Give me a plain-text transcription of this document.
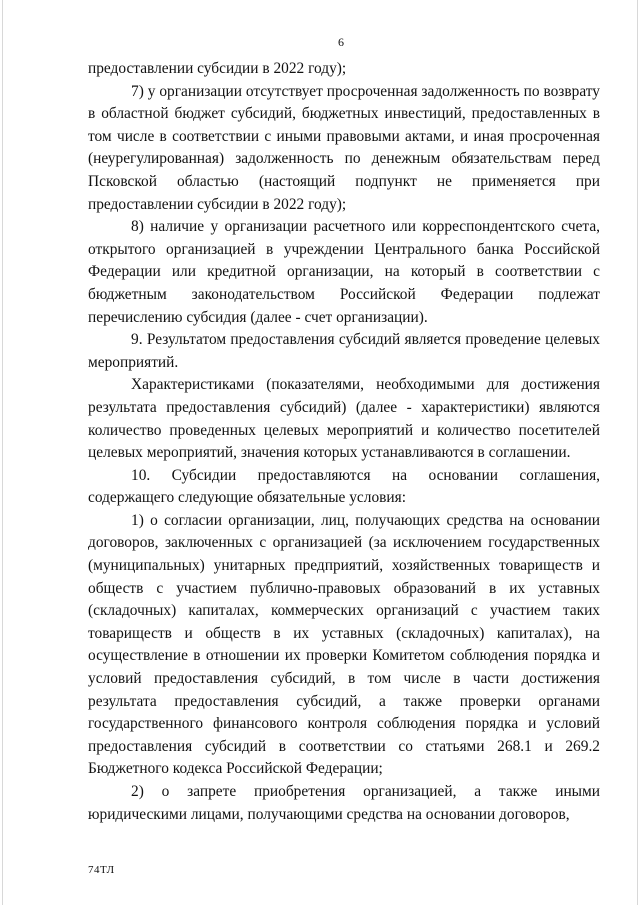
6

предоставлении субсидии в 2022 году);

7) у организации отсутствует просроченная задолженность по возврату в областной бюджет субсидий, бюджетных инвестиций, предоставленных в том числе в соответствии с иными правовыми актами, и иная просроченная (неурегулированная) задолженность по денежным обязательствам перед Псковской областью (настоящий подпункт не применяется при предоставлении субсидии в 2022 году);

8) наличие у организации расчетного или корреспондентского счета, открытого организацией в учреждении Центрального банка Российской Федерации или кредитной организации, на который в соответствии с бюджетным законодательством Российской Федерации подлежат перечислению субсидия (далее - счет организации).

9. Результатом предоставления субсидий является проведение целевых мероприятий.

Характеристиками (показателями, необходимыми для достижения результата предоставления субсидий) (далее - характеристики) являются количество проведенных целевых мероприятий и количество посетителей целевых мероприятий, значения которых устанавливаются в соглашении.

10. Субсидии предоставляются на основании соглашения, содержащего следующие обязательные условия:

1) о согласии организации, лиц, получающих средства на основании договоров, заключенных с организацией (за исключением государственных (муниципальных) унитарных предприятий, хозяйственных товариществ и обществ с участием публично-правовых образований в их уставных (складочных) капиталах, коммерческих организаций с участием таких товариществ и обществ в их уставных (складочных) капиталах), на осуществление в отношении их проверки Комитетом соблюдения порядка и условий предоставления субсидий, в том числе в части достижения результата предоставления субсидий, а также проверки органами государственного финансового контроля соблюдения порядка и условий предоставления субсидий в соответствии со статьями 268.1 и 269.2 Бюджетного кодекса Российской Федерации;

2) о запрете приобретения организацией, а также иными юридическими лицами, получающими средства на основании договоров,

74ТЛ
